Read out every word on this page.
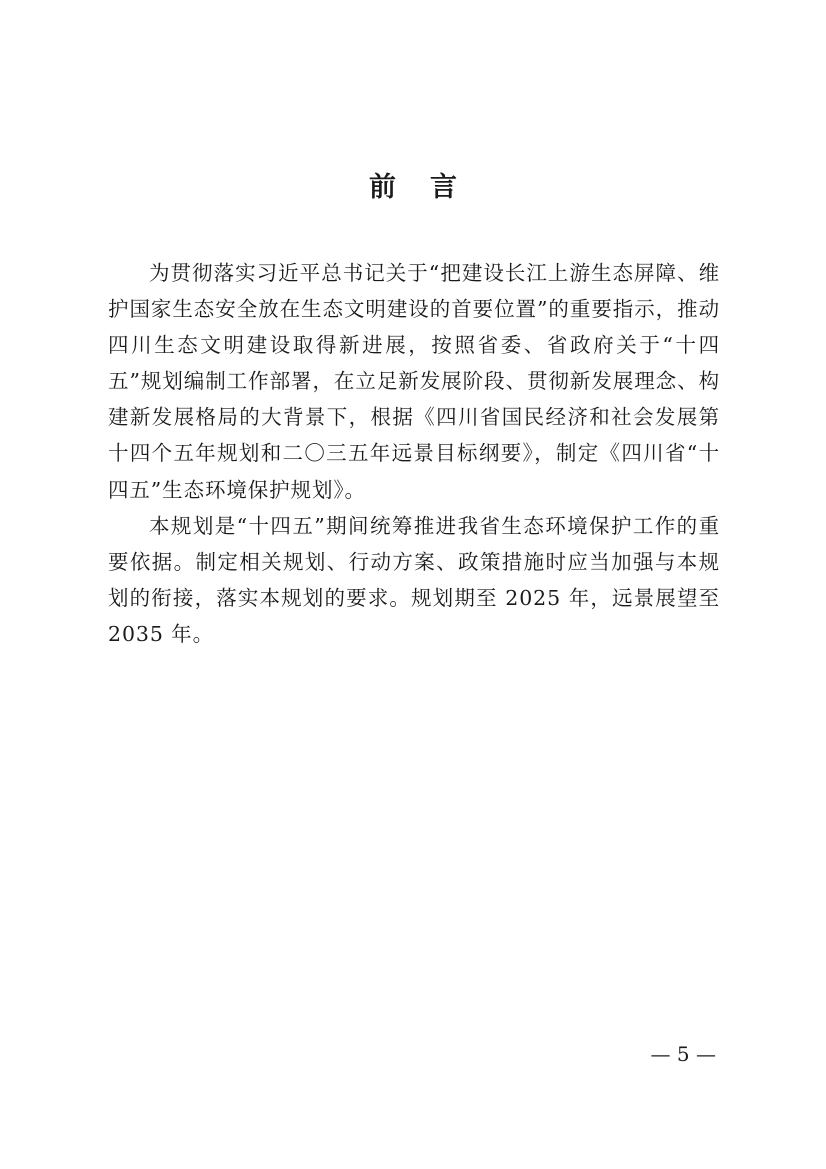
前 言

为贯彻落实习近平总书记关于“把建设长江上游生态屏障、维护国家生态安全放在生态文明建设的首要位置”的重要指示，推动四川生态文明建设取得新进展，按照省委、省政府关于“十四五”规划编制工作部署，在立足新发展阶段、贯彻新发展理念、构建新发展格局的大背景下，根据《四川省国民经济和社会发展第十四个五年规划和二〇三五年远景目标纲要》，制定《四川省“十四五”生态环境保护规划》。

本规划是“十四五”期间统筹推进我省生态环境保护工作的重要依据。制定相关规划、行动方案、政策措施时应当加强与本规划的衔接，落实本规划的要求。规划期至 2025 年，远景展望至 2035 年。

— 5 —
